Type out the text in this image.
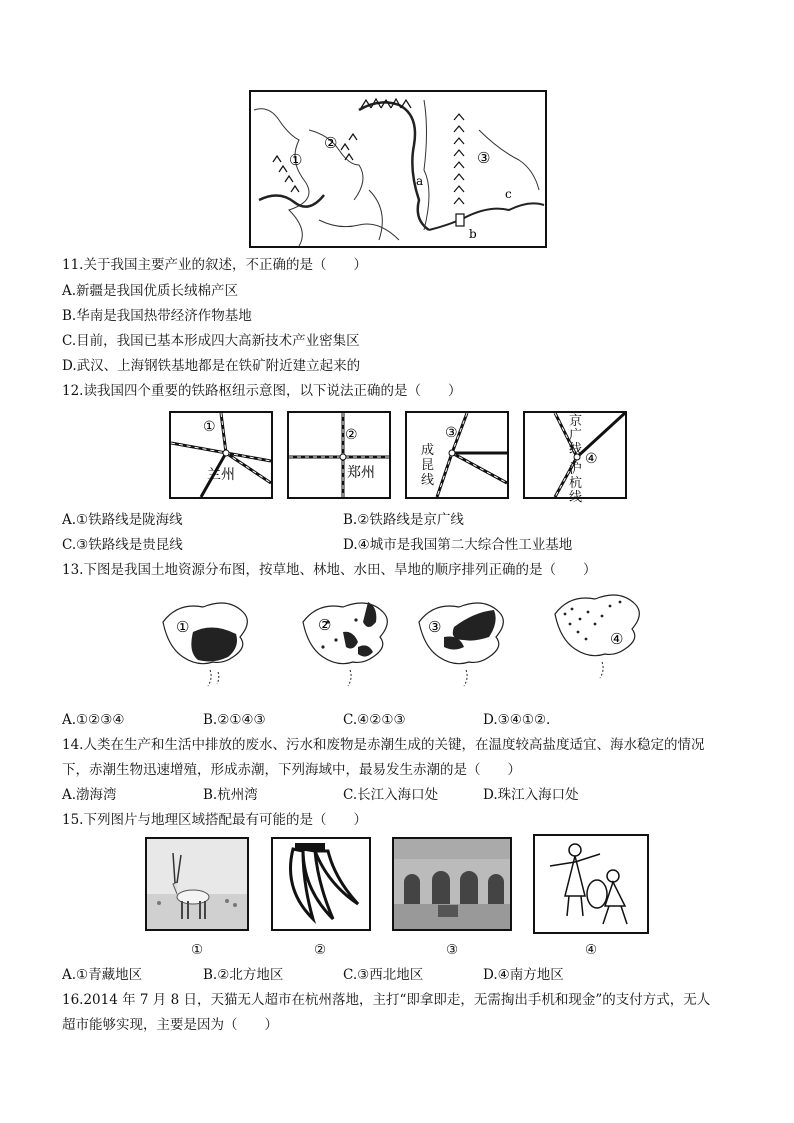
①
②
③
a
b
c
11.关于我国主要产业的叙述，不正确的是（　　）
A.新疆是我国优质长绒棉产区
B.华南是我国热带经济作物基地
C.目前，我国已基本形成四大高新技术产业密集区
D.武汉、上海钢铁基地都是在铁矿附近建立起来的
12.读我国四个重要的铁路枢纽示意图，以下说法正确的是（　　）
①
兰州
②
郑州
③
成昆线
④
京广线
沪杭线
A.①铁路线是陇海线	B.②铁路线是京广线
C.③铁路线是贵昆线	D.④城市是我国第二大综合性工业基地
13.下图是我国土地资源分布图，按草地、林地、水田、旱地的顺序排列正确的是（　　）
①	②	③
④
A.①②③④	B.②①④③	C.④②①③	D.③④①②.
14.人类在生产和生活中排放的废水、污水和废物是赤潮生成的关键，在温度较高盐度适宜、海水稳定的情况
下，赤潮生物迅速增殖，形成赤潮，下列海域中，最易发生赤潮的是（　　）
A.渤海湾	B.杭州湾	C.长江入海口处	D.珠江入海口处
15.下列图片与地理区域搭配最有可能的是（　　）
①	②	③	④
A.①青藏地区	B.②北方地区	C.③西北地区	D.④南方地区
16.2014 年 7 月 8 日，天猫无人超市在杭州落地，主打“即拿即走，无需掏出手机和现金”的支付方式，无人
超市能够实现，主要是因为（　　）
